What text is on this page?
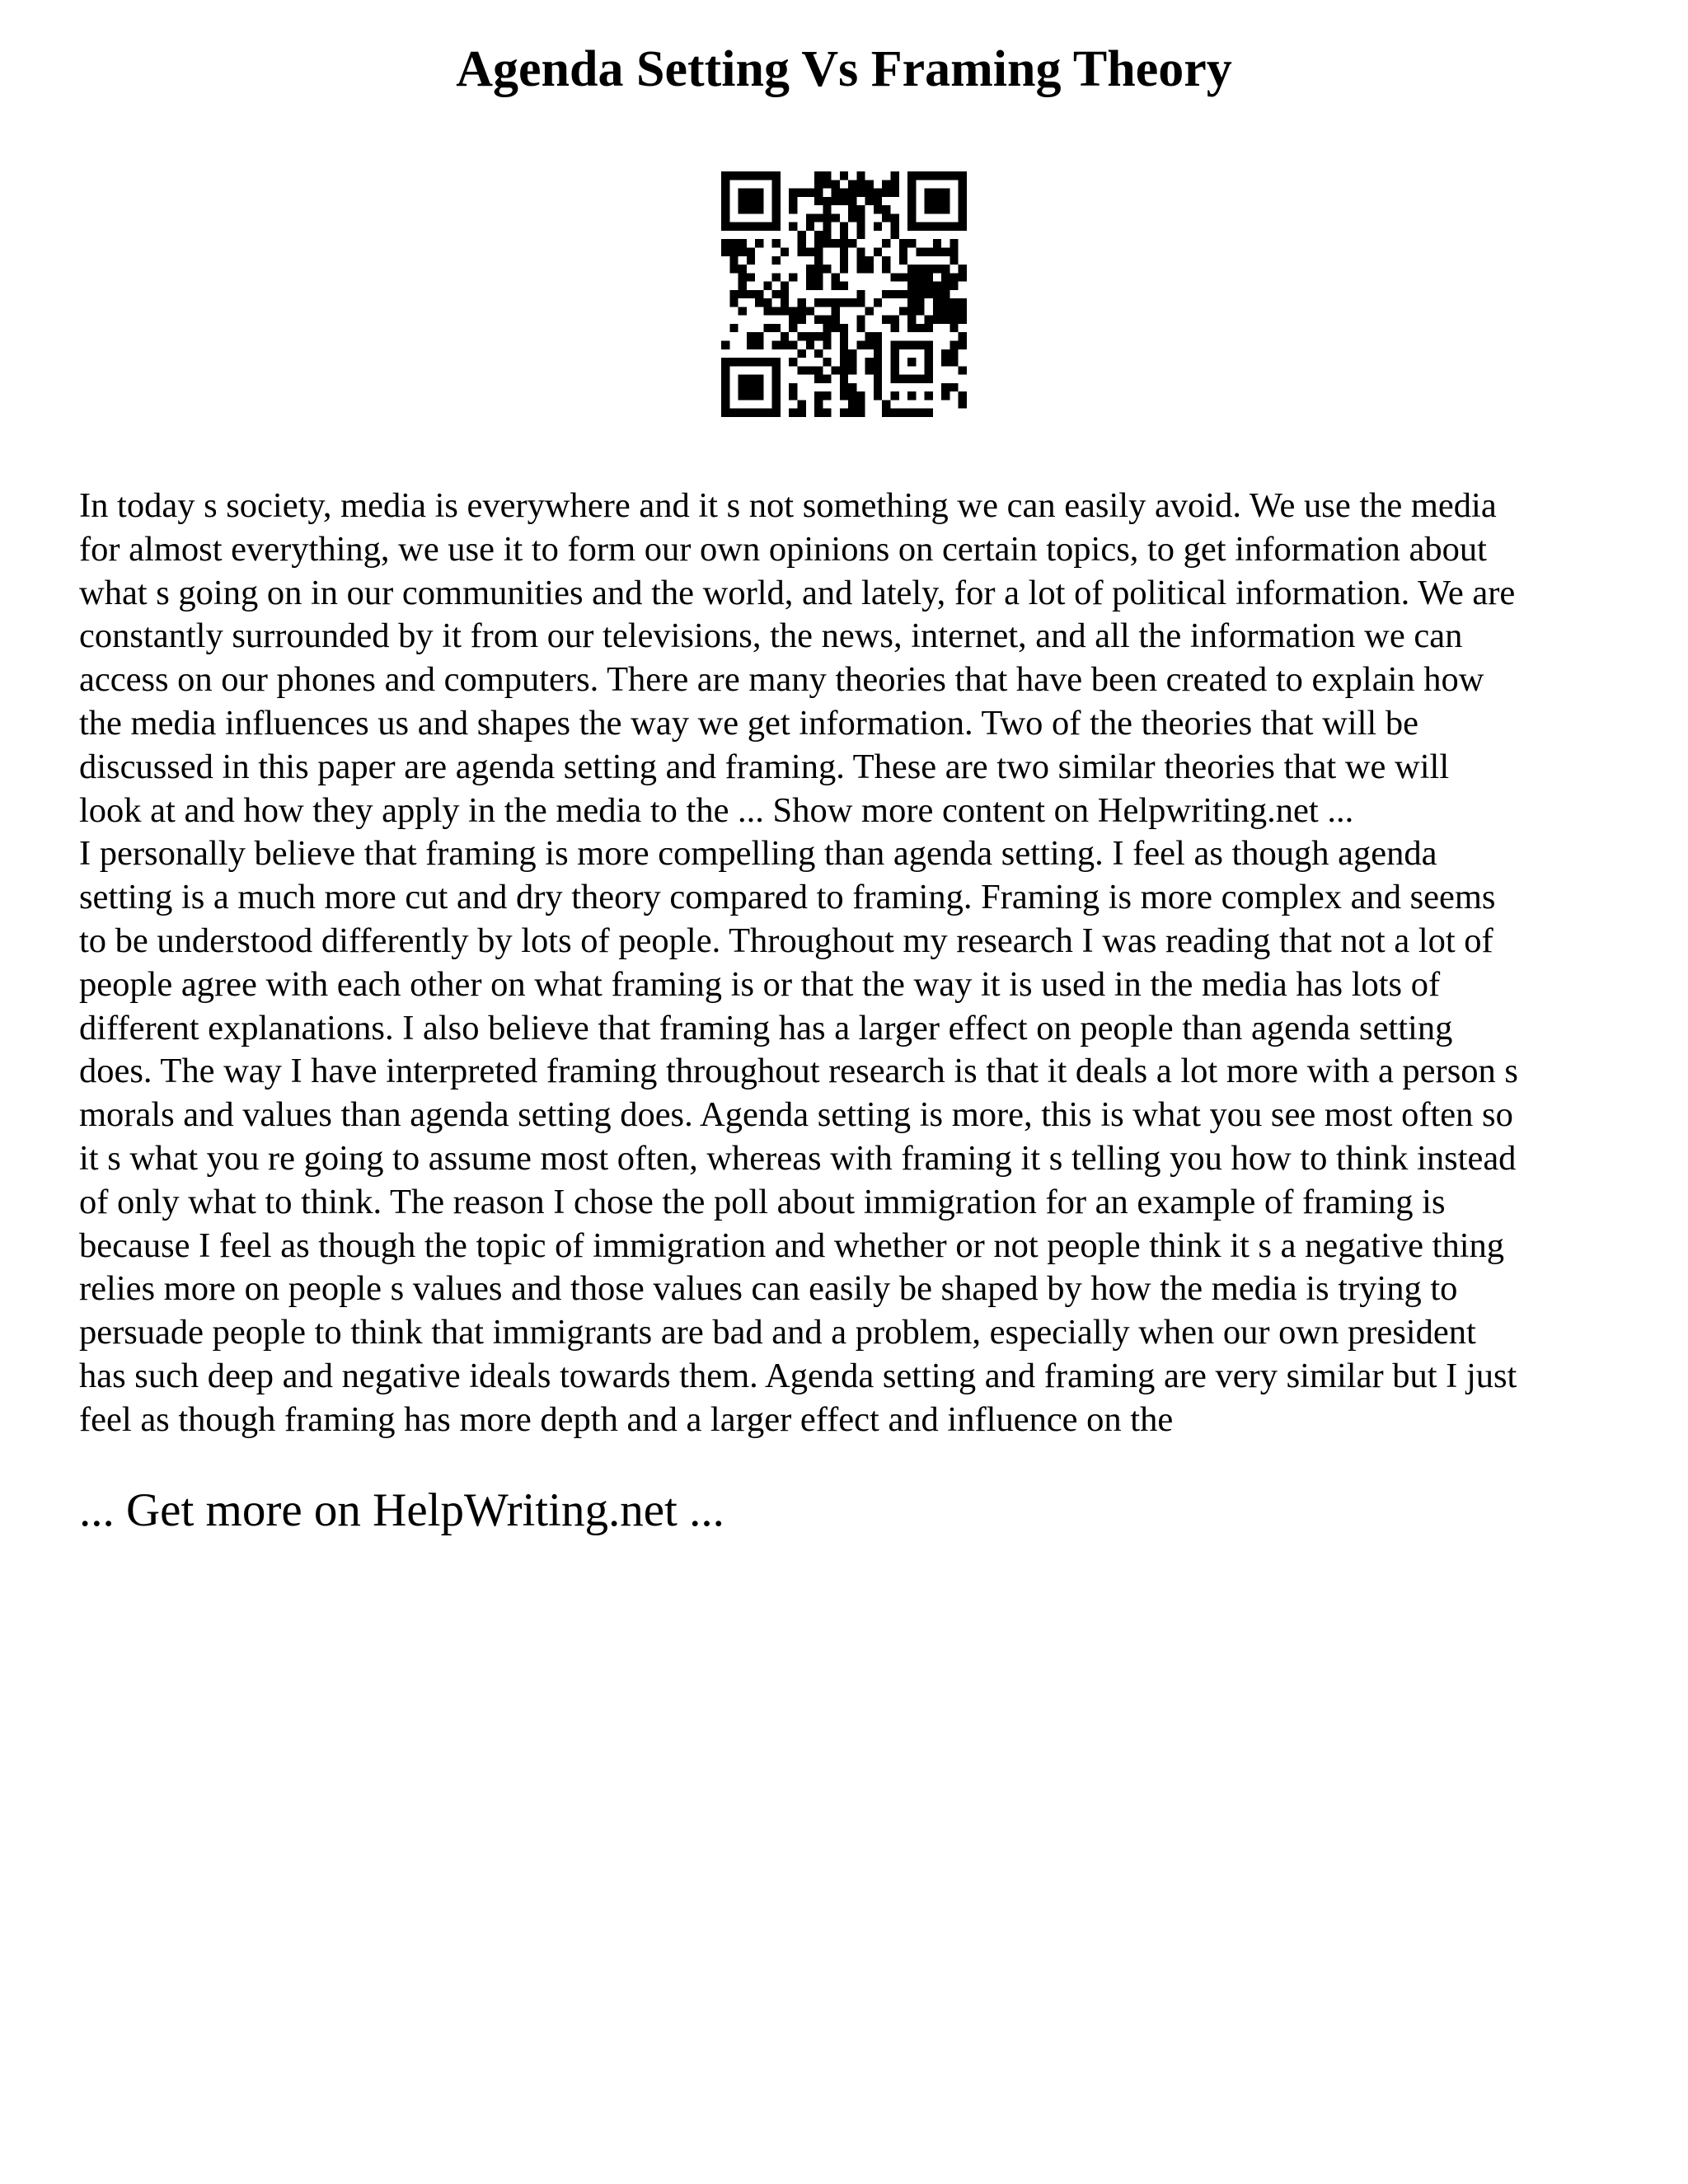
Agenda Setting Vs Framing Theory
In today s society, media is everywhere and it s not something we can easily avoid. We use the media
for almost everything, we use it to form our own opinions on certain topics, to get information about
what s going on in our communities and the world, and lately, for a lot of political information. We are
constantly surrounded by it from our televisions, the news, internet, and all the information we can
access on our phones and computers. There are many theories that have been created to explain how
the media influences us and shapes the way we get information. Two of the theories that will be
discussed in this paper are agenda setting and framing. These are two similar theories that we will
look at and how they apply in the media to the ... Show more content on Helpwriting.net ...
I personally believe that framing is more compelling than agenda setting. I feel as though agenda
setting is a much more cut and dry theory compared to framing. Framing is more complex and seems
to be understood differently by lots of people. Throughout my research I was reading that not a lot of
people agree with each other on what framing is or that the way it is used in the media has lots of
different explanations. I also believe that framing has a larger effect on people than agenda setting
does. The way I have interpreted framing throughout research is that it deals a lot more with a person s
morals and values than agenda setting does. Agenda setting is more, this is what you see most often so
it s what you re going to assume most often, whereas with framing it s telling you how to think instead
of only what to think. The reason I chose the poll about immigration for an example of framing is
because I feel as though the topic of immigration and whether or not people think it s a negative thing
relies more on people s values and those values can easily be shaped by how the media is trying to
persuade people to think that immigrants are bad and a problem, especially when our own president
has such deep and negative ideals towards them. Agenda setting and framing are very similar but I just
feel as though framing has more depth and a larger effect and influence on the

... Get more on HelpWriting.net ...
